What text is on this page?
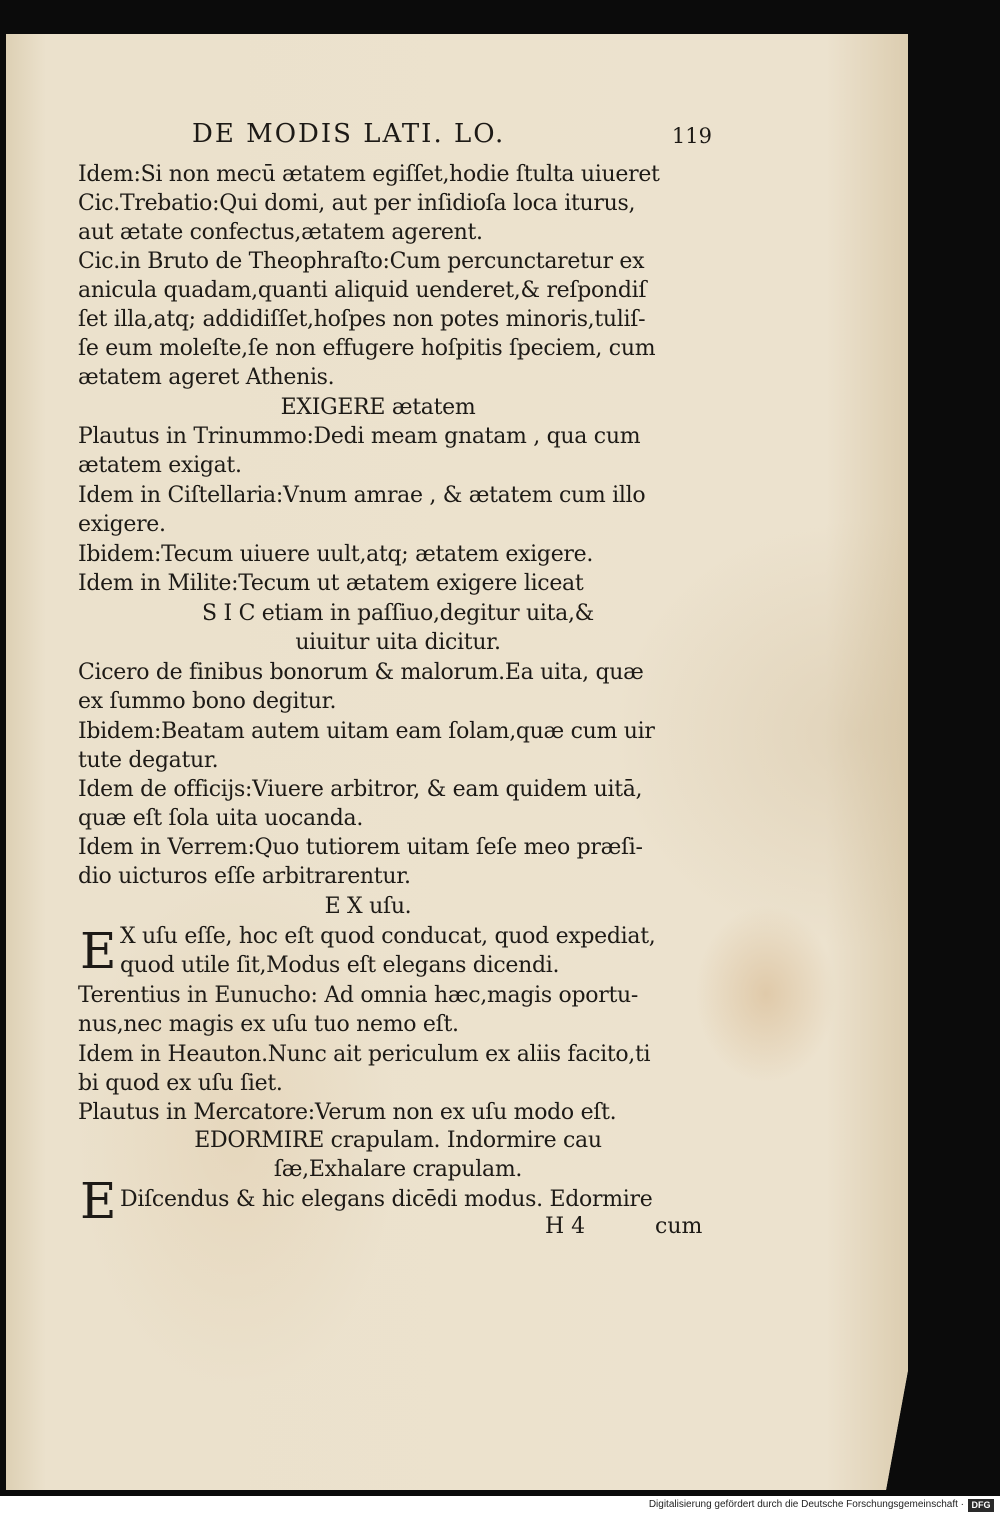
DE MODIS LATI. LO.	119
Idem:Si non mecū ætatem egiſſet,hodie ſtulta uiueret
Cic.Trebatio:Qui domi, aut per inſidioſa loca iturus,
aut ætate confectus,ætatem agerent.
Cic.in Bruto de Theophraſto:Cum percunctaretur ex
anicula quadam,quanti aliquid uenderet,& reſpondiſ
ſet illa,atq; addidiſſet,hoſpes non potes minoris,tuliſ-
ſe eum moleſte,ſe non effugere hoſpitis ſpeciem, cum
ætatem ageret Athenis.
EXIGERE ætatem
Plautus in Trinummo:Dedi meam gnatam , qua cum
ætatem exigat.
Idem in Ciſtellaria:Vnum amrae , & ætatem cum illo
exigere.
Ibidem:Tecum uiuere uult,atq; ætatem exigere.
Idem in Milite:Tecum ut ætatem exigere liceat
S I C etiam in paſſiuo,degitur uita,&
uiuitur uita dicitur.
Cicero de finibus bonorum & malorum.Ea uita, quæ
ex ſummo bono degitur.
Ibidem:Beatam autem uitam eam ſolam,quæ cum uir
tute degatur.
Idem de officijs:Viuere arbitror, & eam quidem uitā,
quæ eſt ſola uita uocanda.
Idem in Verrem:Quo tutiorem uitam ſeſe meo præſi-
dio uicturos eſſe arbitrarentur.
E X uſu.
X uſu eſſe, hoc eſt quod conducat, quod expediat,
quod utile ſit,Modus eſt elegans dicendi.
Terentius in Eunucho: Ad omnia hæc,magis oportu-
nus,nec magis ex uſu tuo nemo eſt.
Idem in Heauton.Nunc ait periculum ex aliis facito,ti
bi quod ex uſu ſiet.
Plautus in Mercatore:Verum non ex uſu modo eſt.
EDORMIRE crapulam. Indormire cau
ſæ,Exhalare crapulam.
Diſcendus & hic elegans dicēdi modus. Edormire
E
E	H 4	cum
Digitalisierung gefördert durch die Deutsche Forschungsgemeinschaft · DFG
